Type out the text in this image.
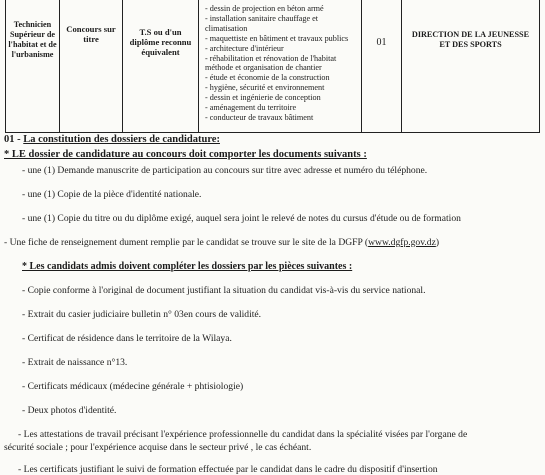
Technicien Supérieur de l'habitat et de l'urbanisme
Concours sur titre
T.S ou d'un diplôme reconnu équivalent
- dessin de projection en béton armé
- installation sanitaire chauffage et
climatisation
- maquettiste en bâtiment et travaux publics
- architecture d'intérieur
- réhabilitation et rénovation de l'habitat
méthode et organisation de chantier
- étude et économie de la construction
- hygiène, sécurité et environnement
- dessin et ingénierie de conception
- aménagement du territoire
- conducteur de travaux bâtiment
01
DIRECTION DE LA JEUNESSE ET DES SPORTS
01 - La constitution des dossiers de candidature:
* LE dossier de candidature au concours doit comporter les documents suivants :
- une (1) Demande manuscrite de participation au concours sur titre avec adresse et numéro du téléphone.
- une (1) Copie de la pièce d'identité nationale.
- une (1) Copie du titre ou du diplôme exigé, auquel sera joint le relevé de notes du cursus d'étude ou de formation
- Une fiche de renseignement dument remplie par le candidat se trouve sur le site de la DGFP (www.dgfp.gov.dz)
* Les candidats admis doivent compléter les dossiers par les pièces suivantes :
- Copie conforme à l'original de document justifiant la situation du candidat vis-à-vis du service national.
- Extrait du casier judiciaire bulletin n° 03en cours de validité.
- Certificat de résidence dans le territoire de la Wilaya.
- Extrait de naissance n°13.
- Certificats médicaux (médecine générale + phtisiologie)
- Deux photos d'identité.
- Les attestations de travail précisant l'expérience professionnelle du candidat dans la spécialité visées par l'organe de
sécurité sociale ; pour l'expérience acquise dans le secteur privé , le cas échéant.
- Les certificats justifiant le suivi de formation effectuée par le candidat dans le cadre du dispositif d'insertion
